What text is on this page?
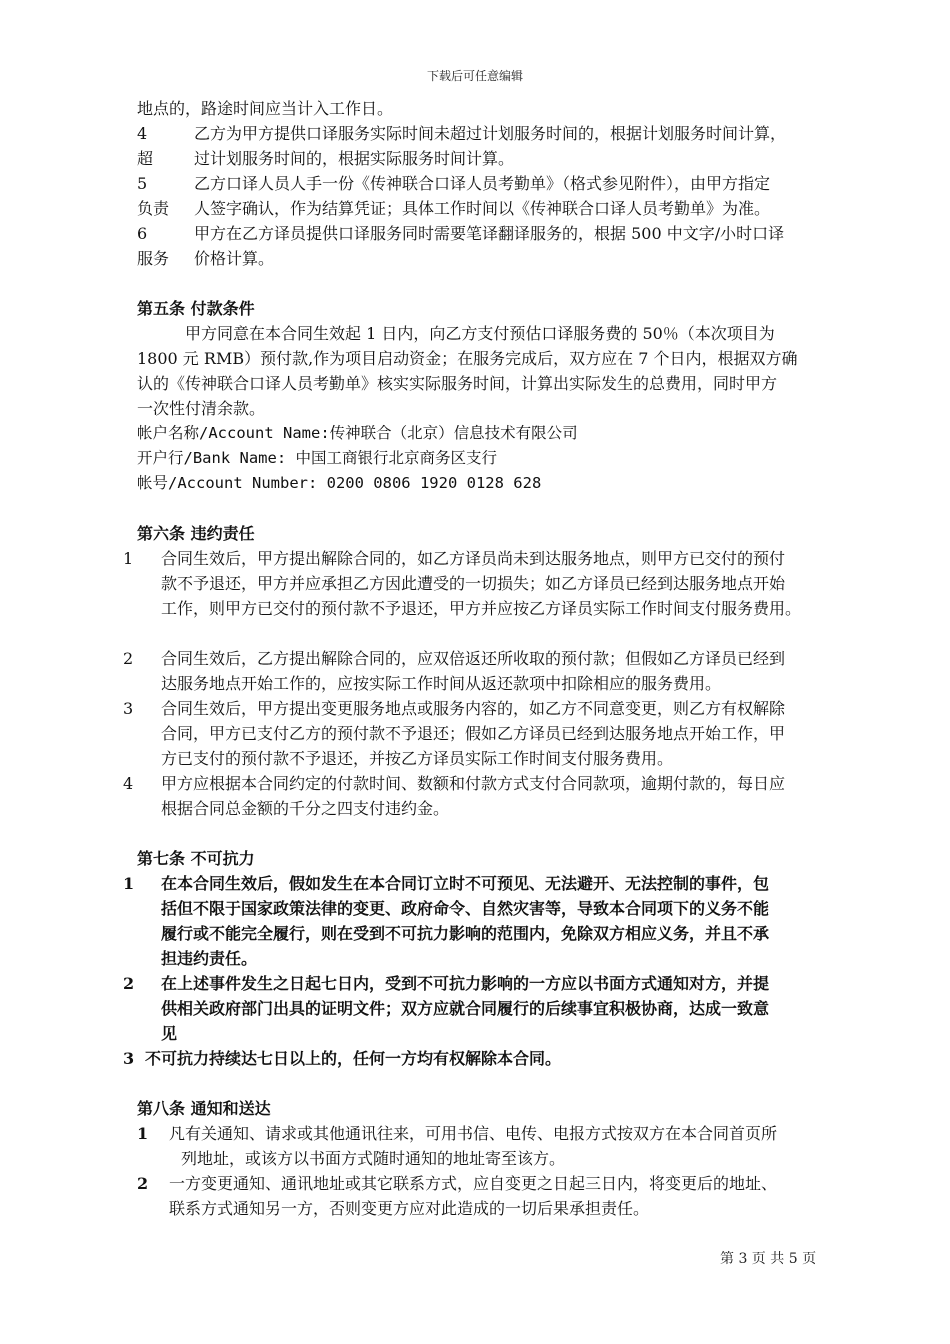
下载后可任意编辑
地点的，路途时间应当计入工作日。
4	乙方为甲方提供口译服务实际时间未超过计划服务时间的，根据计划服务时间计算，
超	过计划服务时间的，根据实际服务时间计算。
5	乙方口译人员人手一份《传神联合口译人员考勤单》（格式参见附件），由甲方指定
负责	人签字确认，作为结算凭证；具体工作时间以《传神联合口译人员考勤单》为准。
6	甲方在乙方译员提供口译服务同时需要笔译翻译服务的，根据 500 中文字/小时口译
服务	价格计算。
第五条 付款条件
甲方同意在本合同生效起 1 日内，向乙方支付预估口译服务费的 50％（本次项目为
1800 元 RMB）预付款,作为项目启动资金；在服务完成后，双方应在 7 个日内，根据双方确
认的《传神联合口译人员考勤单》核实实际服务时间，计算出实际发生的总费用，同时甲方
一次性付清余款。
帐户名称/Account Name:传神联合（北京）信息技术有限公司
开户行/Bank Name: 中国工商银行北京商务区支行
帐号/Account Number: 0200 0806 1920 0128 628
第六条 违约责任
1	合同生效后，甲方提出解除合同的，如乙方译员尚未到达服务地点，则甲方已交付的预付
款不予退还，甲方并应承担乙方因此遭受的一切损失；如乙方译员已经到达服务地点开始
工作，则甲方已交付的预付款不予退还，甲方并应按乙方译员实际工作时间支付服务费用。
2	合同生效后，乙方提出解除合同的，应双倍返还所收取的预付款；但假如乙方译员已经到
达服务地点开始工作的，应按实际工作时间从返还款项中扣除相应的服务费用。
3	合同生效后，甲方提出变更服务地点或服务内容的，如乙方不同意变更，则乙方有权解除
合同，甲方已支付乙方的预付款不予退还；假如乙方译员已经到达服务地点开始工作，甲
方已支付的预付款不予退还，并按乙方译员实际工作时间支付服务费用。
4	甲方应根据本合同约定的付款时间、数额和付款方式支付合同款项，逾期付款的，每日应
根据合同总金额的千分之四支付违约金。
第七条 不可抗力
1	在本合同生效后，假如发生在本合同订立时不可预见、无法避开、无法控制的事件，包
括但不限于国家政策法律的变更、政府命令、自然灾害等，导致本合同项下的义务不能
履行或不能完全履行，则在受到不可抗力影响的范围内，免除双方相应义务，并且不承
担违约责任。
2	在上述事件发生之日起七日内，受到不可抗力影响的一方应以书面方式通知对方，并提
供相关政府部门出具的证明文件；双方应就合同履行的后续事宜积极协商，达成一致意
见
3 不可抗力持续达七日以上的，任何一方均有权解除本合同。
第八条 通知和送达
1	凡有关通知、请求或其他通讯往来，可用书信、电传、电报方式按双方在本合同首页所
列地址，或该方以书面方式随时通知的地址寄至该方。
2	一方变更通知、通讯地址或其它联系方式，应自变更之日起三日内，将变更后的地址、
联系方式通知另一方，否则变更方应对此造成的一切后果承担责任。
第 3 页 共 5 页
